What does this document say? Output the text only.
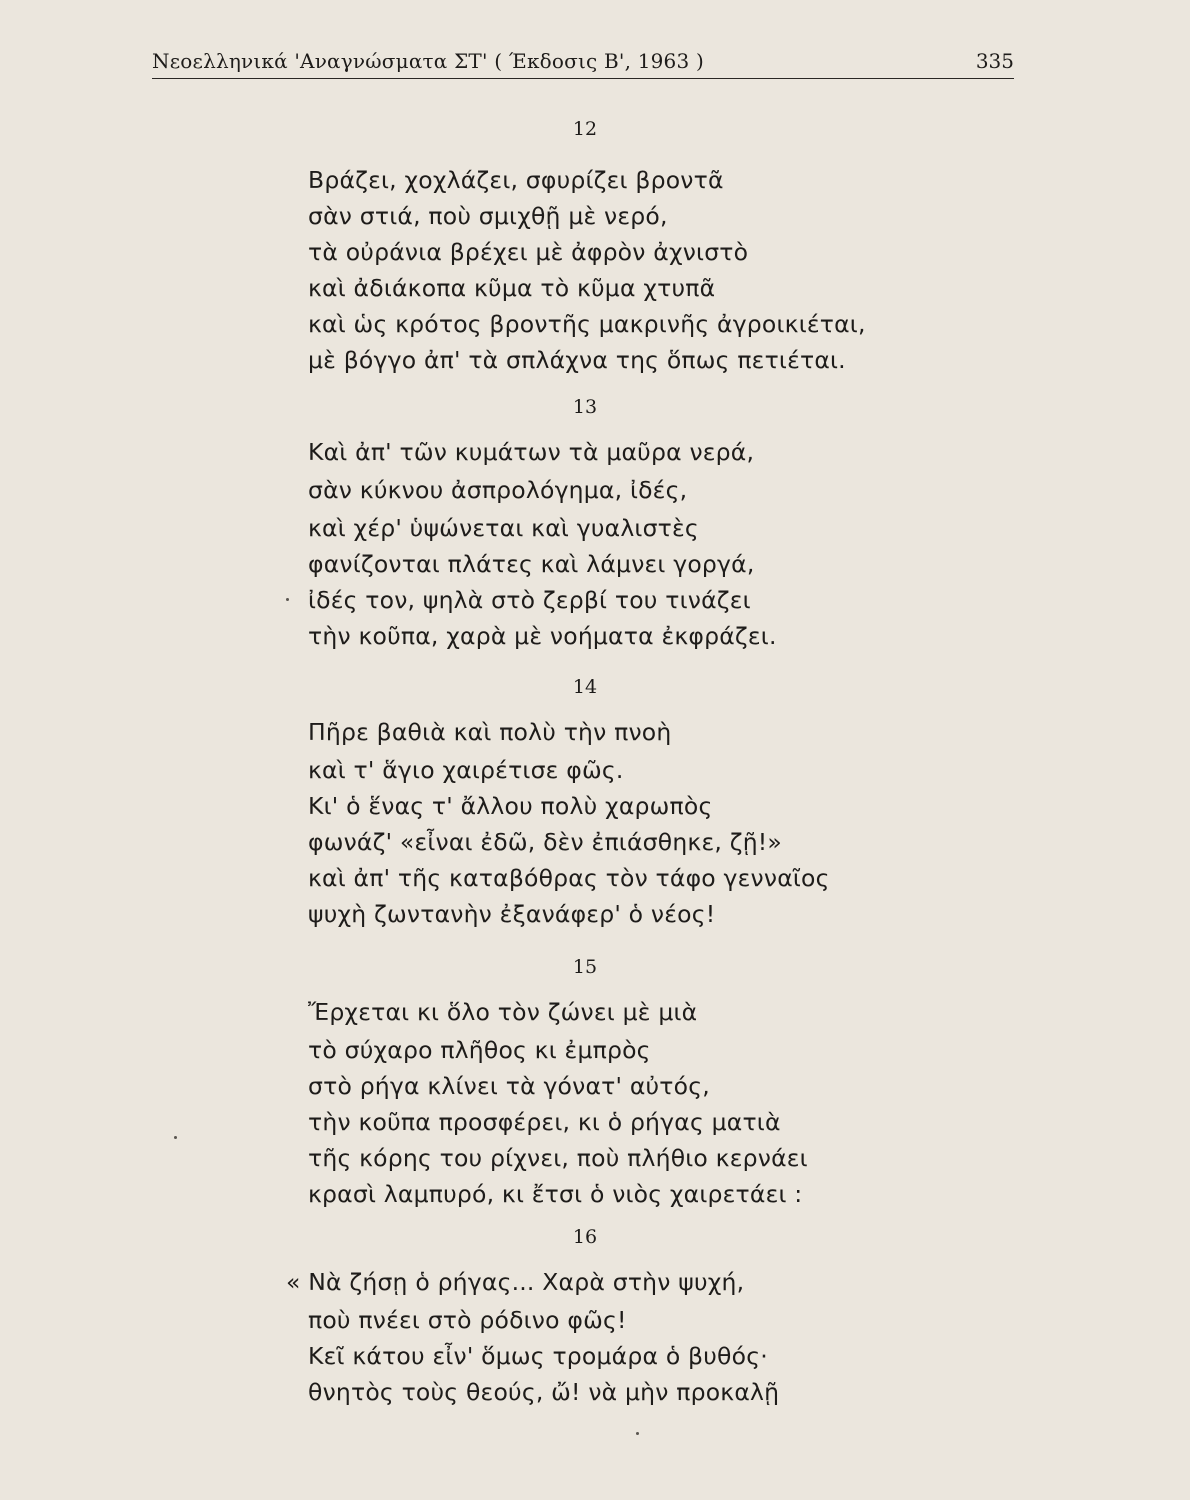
Νεοελληνικά 'Αναγνώσματα ΣΤ' ( Έκδοσις Β', 1963 )	335
12
Βράζει, χοχλάζει, σφυρίζει βροντᾶ
σὰν στιά, ποὺ σμιχθῇ μὲ νερό,
τὰ οὐράνια βρέχει μὲ ἀφρὸν ἀχνιστὸ
καὶ ἀδιάκοπα κῦμα τὸ κῦμα χτυπᾶ
καὶ ὡς κρότος βροντῆς μακρινῆς ἀγροικιέται,
μὲ βόγγο ἀπ' τὰ σπλάχνα της ὅπως πετιέται.
13
Καὶ ἀπ' τῶν κυμάτων τὰ μαῦρα νερά,
σὰν κύκνου ἀσπρολόγημα, ἰδές,
καὶ χέρ' ὑψώνεται καὶ γυαλιστὲς
φανίζονται πλάτες καὶ λάμνει γοργά,
ἰδές τον, ψηλὰ στὸ ζερβί του τινάζει
τὴν κοῦπα, χαρὰ μὲ νοήματα ἐκφράζει.
14
Πῆρε βαθιὰ καὶ πολὺ τὴν πνοὴ
καὶ τ' ἅγιο χαιρέτισε φῶς.
Κι' ὁ ἕνας τ' ἄλλου πολὺ χαρωπὸς
φωνάζ' «εἶναι ἐδῶ, δὲν ἐπιάσθηκε, ζῇ!»
καὶ ἀπ' τῆς καταβόθρας τὸν τάφο γενναῖος
ψυχὴ ζωντανὴν ἐξανάφερ' ὁ νέος!
15
Ἔρχεται κι ὅλο τὸν ζώνει μὲ μιὰ
τὸ σύχαρο πλῆθος κι ἐμπρὸς
στὸ ρήγα κλίνει τὰ γόνατ' αὐτός,
τὴν κοῦπα προσφέρει, κι ὁ ρήγας ματιὰ
τῆς κόρης του ρίχνει, ποὺ πλήθιο κερνάει
κρασὶ λαμπυρό, κι ἔτσι ὁ νιὸς χαιρετάει :
16
« Νὰ ζήσῃ ὁ ρήγας... Χαρὰ στὴν ψυχή,
ποὺ πνέει στὸ ρόδινο φῶς!
Κεῖ κάτου εἶν' ὅμως τρομάρα ὁ βυθός·
θνητὸς τοὺς θεούς, ὤ! νὰ μὴν προκαλῇ
